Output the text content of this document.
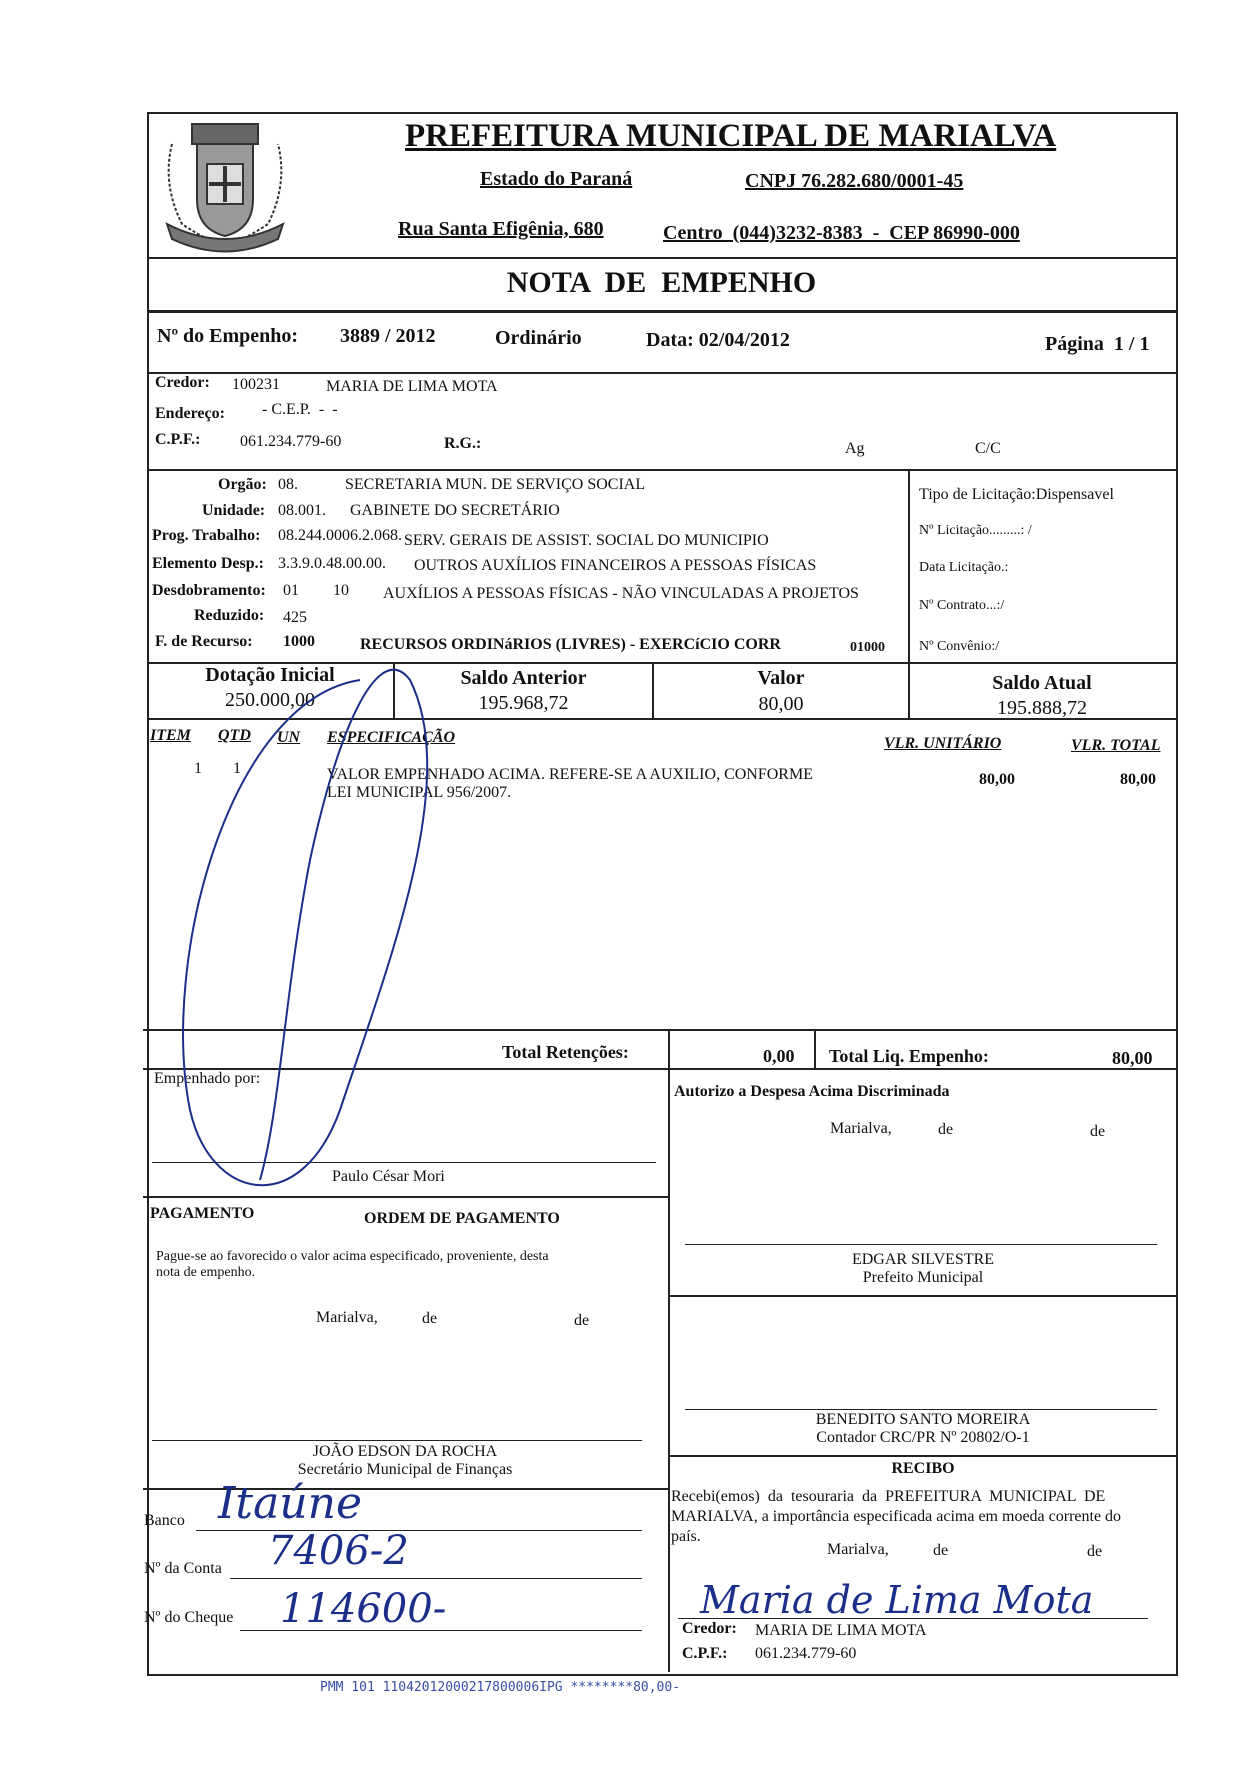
PREFEITURA MUNICIPAL DE MARIALVA
Estado do Paraná	CNPJ 76.282.680/0001-45
Rua Santa Efigênia, 680	Centro  (044)3232-8383  -  CEP 86990-000
NOTA  DE  EMPENHO
Nº do Empenho: 3889 / 2012	Ordinário	Data: 02/04/2012	Página  1 / 1
Credor: 100231	MARIA DE LIMA MOTA
Endereço: - C.E.P.  -  -
C.P.F.: 061.234.779-60	R.G.:	Ag	C/C
Orgão: 08.	SECRETARIA MUN. DE SERVIÇO SOCIAL
Unidade: 08.001. GABINETE DO SECRETÁRIO
Prog. Trabalho: 08.244.0006.2.068. SERV. GERAIS DE ASSIST. SOCIAL DO MUNICIPIO
Elemento Desp.: 3.3.9.0.48.00.00. OUTROS AUXÍLIOS FINANCEIROS A PESSOAS FÍSICAS
Desdobramento: 01 10 AUXÍLIOS A PESSOAS FÍSICAS - NÃO VINCULADAS A PROJETOS
Reduzido: 425
F. de Recurso: 1000	RECURSOS ORDINáRIOS (LIVRES) - EXERCíCIO CORR	01000
Tipo de Licitação:Dispensavel
Nº Licitação.........: /
Data Licitação.:
Nº Contrato...:/
Nº Convênio:/
Dotação Inicial
250.000,00
Saldo Anterior
195.968,72
Valor
80,00
Saldo Atual
195.888,72
ITEM QTD UN ESPECIFICAÇÃO	VLR. UNITÁRIO	VLR. TOTAL
1 1	VALOR EMPENHADO ACIMA. REFERE-SE A AUXILIO, CONFORME
LEI MUNICIPAL 956/2007.
80,00	80,00
Total Retenções:	0,00 Total Liq. Empenho:	80,00
Empenhado por:
Paulo César Mori
Autorizo a Despesa Acima Discriminada
Marialva,	de	de
EDGAR SILVESTRE
Prefeito Municipal
PAGAMENTO	ORDEM DE PAGAMENTO
Pague-se ao favorecido o valor acima especificado, proveniente, desta
nota de empenho.
Marialva,	de	de
JOÃO EDSON DA ROCHA
Secretário Municipal de Finanças
BENEDITO SANTO MOREIRA
Contador CRC/PR Nº 20802/O-1
Banco Itaúne
Nº da Conta 7406-2
Nº do Cheque 114600-
RECIBO
Recebi(emos)  da  tesouraria  da  PREFEITURA  MUNICIPAL  DE
MARIALVA, a importância especificada acima em moeda corrente do
país.
Marialva,	de	de
Maria de Lima Mota
Credor: MARIA DE LIMA MOTA
C.P.F.: 061.234.779-60
PMM 101 11042012000217800006IPG ********80,00-
